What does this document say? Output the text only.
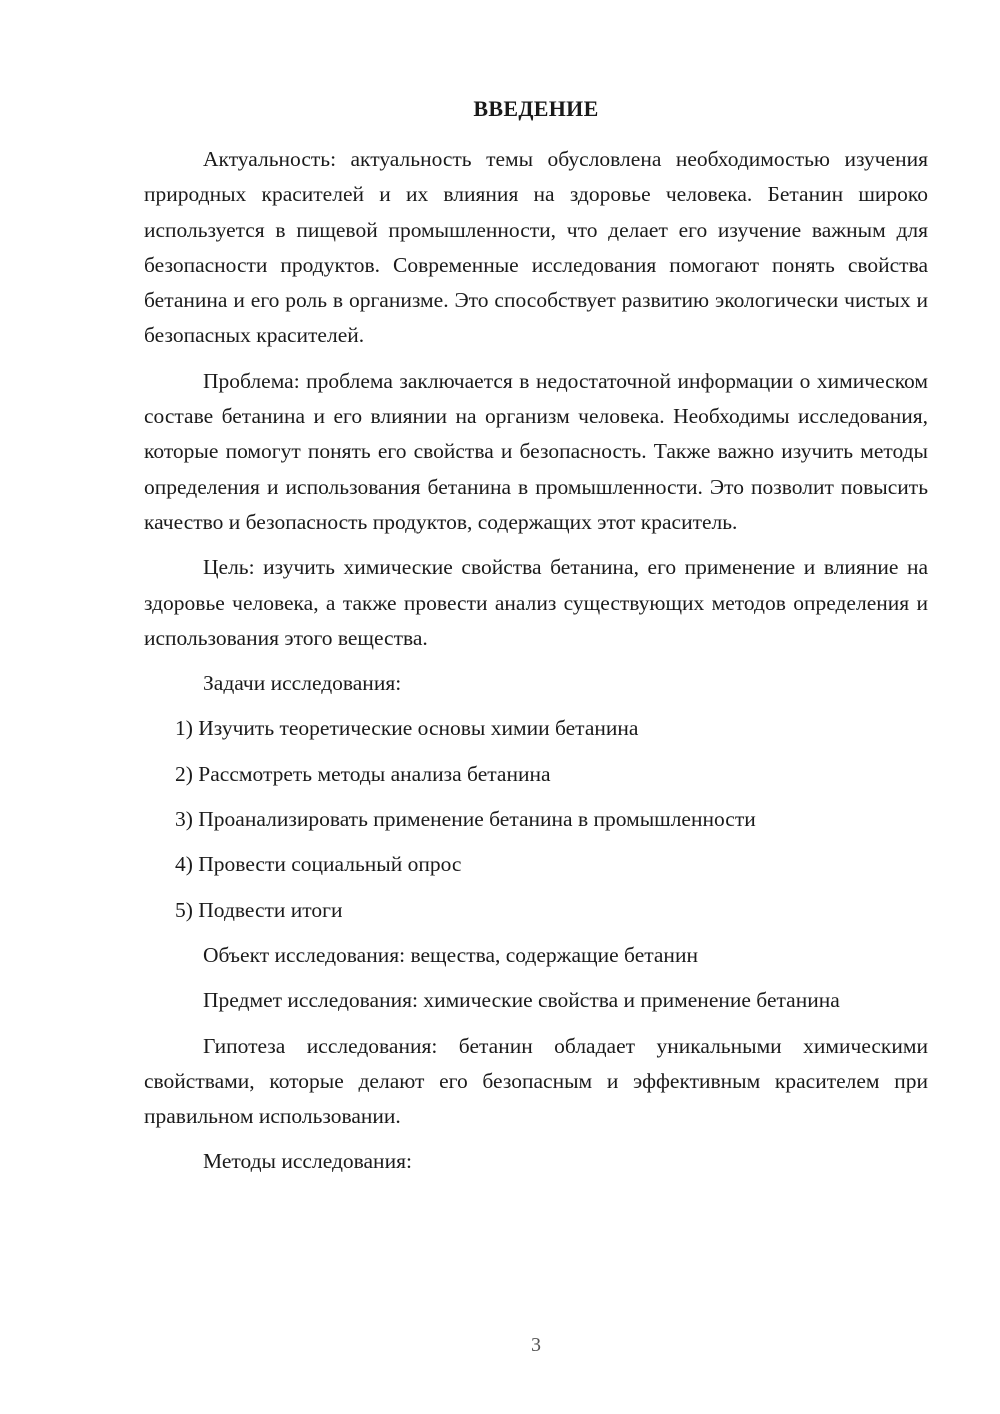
ВВЕДЕНИЕ

Актуальность: актуальность темы обусловлена необходимостью изучения природных красителей и их влияния на здоровье человека. Бетанин широко используется в пищевой промышленности, что делает его изучение важным для безопасности продуктов. Современные исследования помогают понять свойства бетанина и его роль в организме. Это способствует развитию экологически чистых и безопасных красителей.

Проблема: проблема заключается в недостаточной информации о химическом составе бетанина и его влиянии на организм человека. Необходимы исследования, которые помогут понять его свойства и безопасность. Также важно изучить методы определения и использования бетанина в промышленности. Это позволит повысить качество и безопасность продуктов, содержащих этот краситель.

Цель: изучить химические свойства бетанина, его применение и влияние на здоровье человека, а также провести анализ существующих методов определения и использования этого вещества.

Задачи исследования:

1) Изучить теоретические основы химии бетанина

2) Рассмотреть методы анализа бетанина

3) Проанализировать применение бетанина в промышленности

4) Провести социальный опрос

5) Подвести итоги

Объект исследования: вещества, содержащие бетанин

Предмет исследования: химические свойства и применение бетанина

Гипотеза исследования: бетанин обладает уникальными химическими свойствами, которые делают его безопасным и эффективным красителем при правильном использовании.

Методы исследования:

3
